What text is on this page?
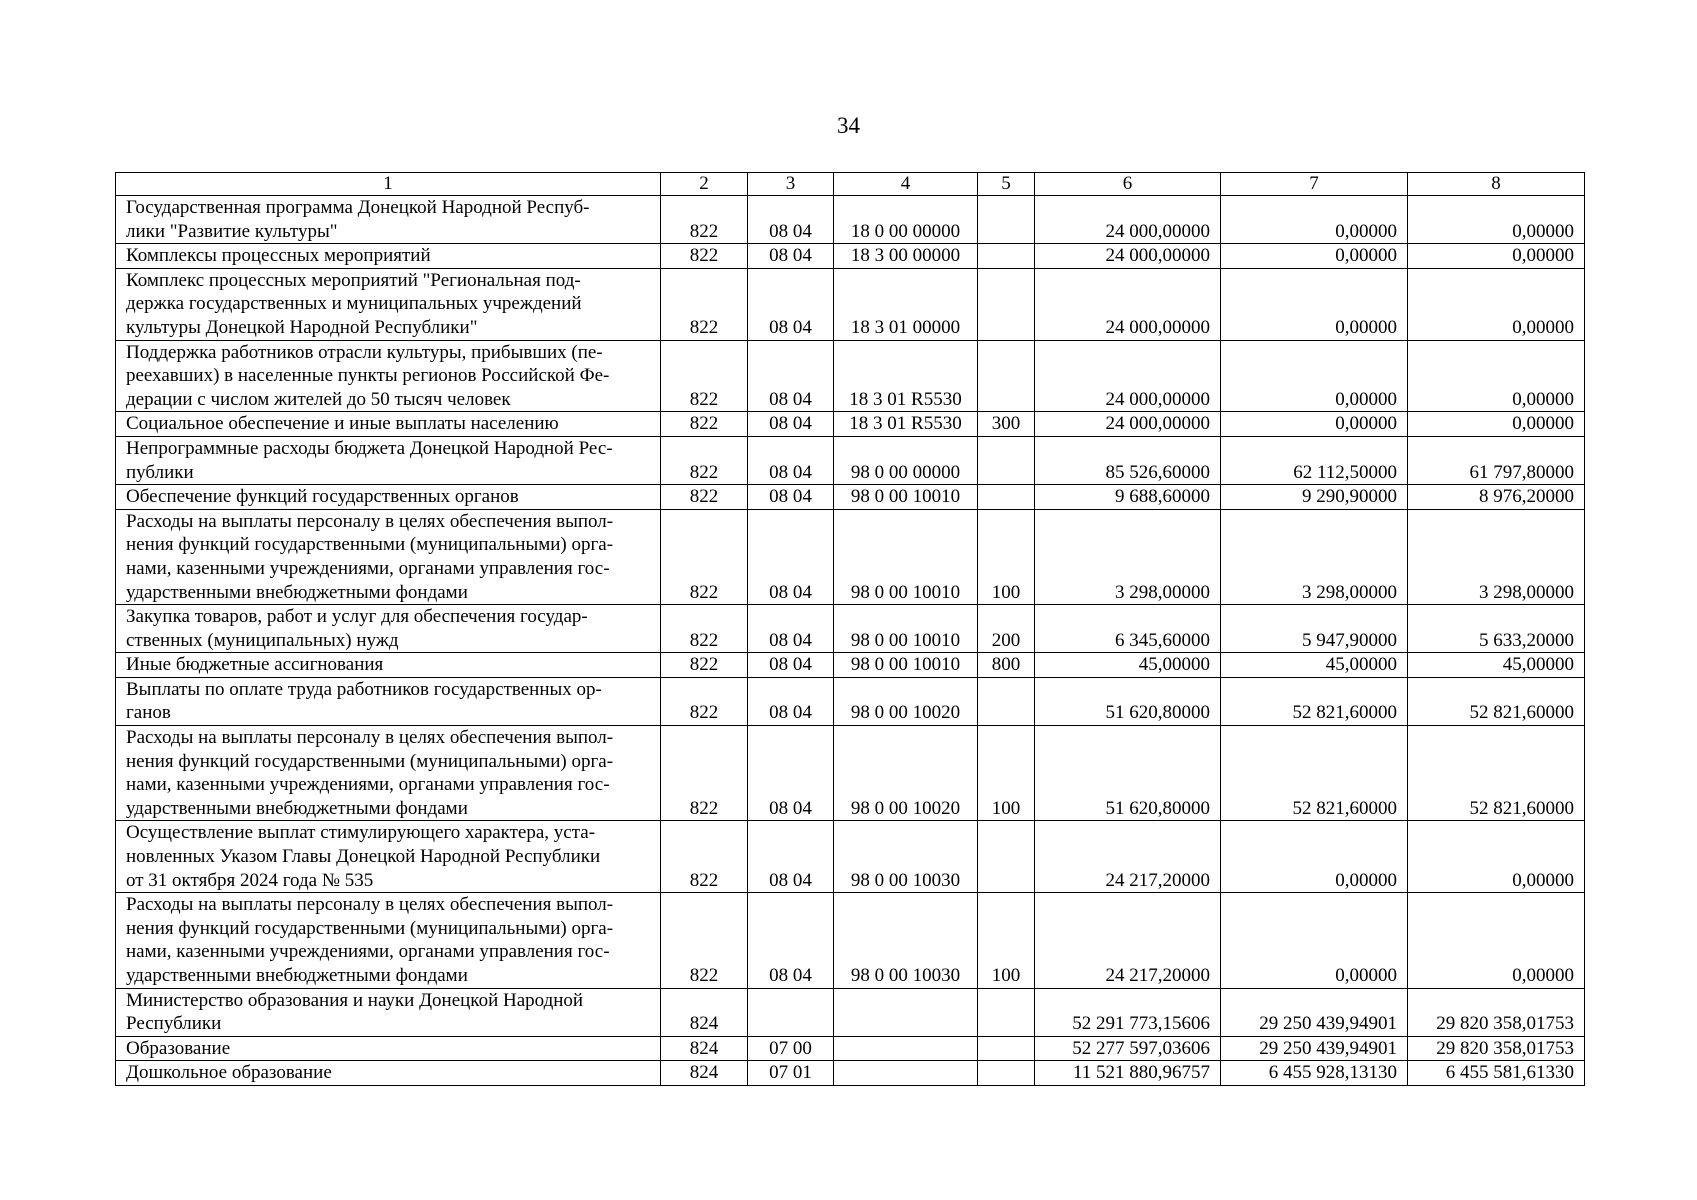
34
1	2	3	4	5	6	7	8

Государственная программа Донецкой Народной Респуб-
лики "Развитие культуры"	822	08 04	18 0 00 00000		24 000,00000	0,00000	0,00000

Комплексы процессных мероприятий	822	08 04	18 3 00 00000		24 000,00000	0,00000	0,00000

Комплекс процессных мероприятий "Региональная под-
держка государственных и муниципальных учреждений
культуры Донецкой Народной Республики"	822	08 04	18 3 01 00000		24 000,00000	0,00000	0,00000

Поддержка работников отрасли культуры, прибывших (пе-
реехавших) в населенные пункты регионов Российской Фе-
дерации с числом жителей до 50 тысяч человек	822	08 04	18 3 01 R5530		24 000,00000	0,00000	0,00000

Социальное обеспечение и иные выплаты населению	822	08 04	18 3 01 R5530	300	24 000,00000	0,00000	0,00000

Непрограммные расходы бюджета Донецкой Народной Рес-
публики	822	08 04	98 0 00 00000		85 526,60000	62 112,50000	61 797,80000

Обеспечение функций государственных органов	822	08 04	98 0 00 10010		9 688,60000	9 290,90000	8 976,20000

Расходы на выплаты персоналу в целях обеспечения выпол-
нения функций государственными (муниципальными) орга-
нами, казенными учреждениями, органами управления гос-
ударственными внебюджетными фондами	822	08 04	98 0 00 10010	100	3 298,00000	3 298,00000	3 298,00000

Закупка товаров, работ и услуг для обеспечения государ-
ственных (муниципальных) нужд	822	08 04	98 0 00 10010	200	6 345,60000	5 947,90000	5 633,20000

Иные бюджетные ассигнования	822	08 04	98 0 00 10010	800	45,00000	45,00000	45,00000

Выплаты по оплате труда работников государственных ор-
ганов	822	08 04	98 0 00 10020		51 620,80000	52 821,60000	52 821,60000

Расходы на выплаты персоналу в целях обеспечения выпол-
нения функций государственными (муниципальными) орга-
нами, казенными учреждениями, органами управления гос-
ударственными внебюджетными фондами	822	08 04	98 0 00 10020	100	51 620,80000	52 821,60000	52 821,60000

Осуществление выплат стимулирующего характера, уста-
новленных Указом Главы Донецкой Народной Республики
от 31 октября 2024 года № 535	822	08 04	98 0 00 10030		24 217,20000	0,00000	0,00000

Расходы на выплаты персоналу в целях обеспечения выпол-
нения функций государственными (муниципальными) орга-
нами, казенными учреждениями, органами управления гос-
ударственными внебюджетными фондами	822	08 04	98 0 00 10030	100	24 217,20000	0,00000	0,00000

Министерство образования и науки Донецкой Народной
Республики	824				52 291 773,15606	29 250 439,94901	29 820 358,01753

Образование	824	07 00			52 277 597,03606	29 250 439,94901	29 820 358,01753

Дошкольное образование	824	07 01			11 521 880,96757	6 455 928,13130	6 455 581,61330
